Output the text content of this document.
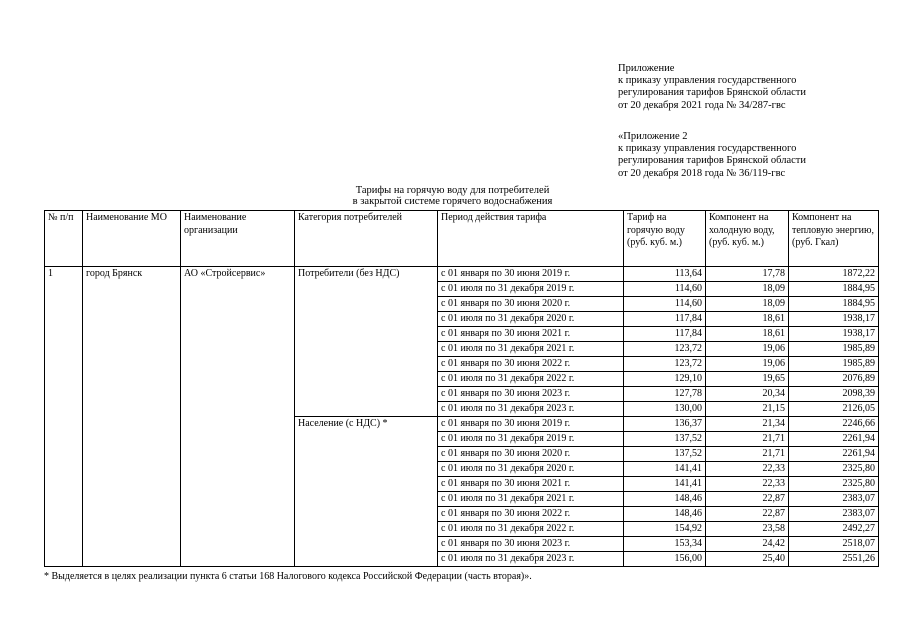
Приложение
к приказу управления государственного
регулирования тарифов Брянской области
от 20 декабря 2021 года № 34/287-гвс
«Приложение 2
к приказу управления государственного
регулирования тарифов Брянской области
от 20 декабря 2018 года № 36/119-гвс
Тарифы на горячую воду для потребителей
в закрытой системе горячего водоснабжения
№ п/п	Наименование МО	Наименование организации	Категория потребителей	Период действия тарифа	Тариф на горячую воду (руб. куб. м.)	Компонент на холодную воду, (руб. куб. м.)	Компонент на тепловую энергию, (руб. Гкал)
1	город Брянск	АО «Стройсервис»	Потребители (без НДС)	с 01 января по 30 июня 2019 г.	113,64	17,78	1872,22
				с 01 июля по 31 декабря 2019 г.	114,60	18,09	1884,95
				с 01 января по 30 июня 2020 г.	114,60	18,09	1884,95
				с 01 июля по 31 декабря 2020 г.	117,84	18,61	1938,17
				с 01 января по 30 июня 2021 г.	117,84	18,61	1938,17
				с 01 июля по 31 декабря 2021 г.	123,72	19,06	1985,89
				с 01 января по 30 июня 2022 г.	123,72	19,06	1985,89
				с 01 июля по 31 декабря 2022 г.	129,10	19,65	2076,89
				с 01 января по 30 июня 2023 г.	127,78	20,34	2098,39
				с 01 июля по 31 декабря 2023 г.	130,00	21,15	2126,05
			Население (с НДС) *	с 01 января по 30 июня 2019 г.	136,37	21,34	2246,66
				с 01 июля по 31 декабря 2019 г.	137,52	21,71	2261,94
				с 01 января по 30 июня 2020 г.	137,52	21,71	2261,94
				с 01 июля по 31 декабря 2020 г.	141,41	22,33	2325,80
				с 01 января по 30 июня 2021 г.	141,41	22,33	2325,80
				с 01 июля по 31 декабря 2021 г.	148,46	22,87	2383,07
				с 01 января по 30 июня 2022 г.	148,46	22,87	2383,07
				с 01 июля по 31 декабря 2022 г.	154,92	23,58	2492,27
				с 01 января по 30 июня 2023 г.	153,34	24,42	2518,07
				с 01 июля по 31 декабря 2023 г.	156,00	25,40	2551,26
* Выделяется в целях реализации пункта 6 статьи 168 Налогового кодекса Российской Федерации (часть вторая)».
